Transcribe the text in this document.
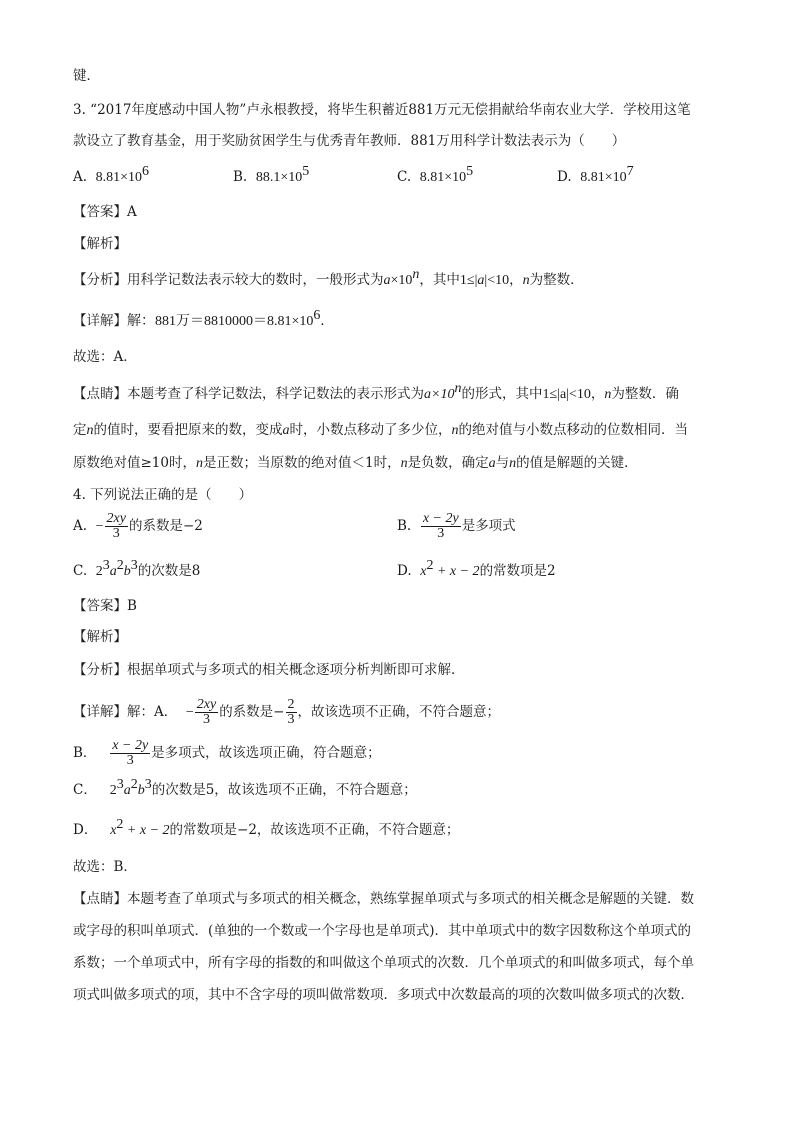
键．
3. “2017年度感动中国人物”卢永根教授，将毕生积蓄近881万元无偿捐献给华南农业大学．学校用这笔
款设立了教育基金，用于奖励贫困学生与优秀青年教师．881万用科学计数法表示为（　　）
A. $8.81\times 10^6$	B. $88.1\times 10^5$	C. $8.81\times 10^5$	D. $8.81\times 10^7$
【答案】A
【解析】
【分析】用科学记数法表示较大的数时，一般形式为$a\times 10^n$，其中1≤|a|<10，n为整数．
【详解】解：881万$=8810000=8.81\times 10^6$．
故选：A．
【点睛】本题考查了科学记数法，科学记数法的表示形式为$a\times 10^n$的形式，其中1≤|a|<10，n为整数．确
定n的值时，要看把原来的数，变成a时，小数点移动了多少位，n的绝对值与小数点移动的位数相同．当
原数绝对值≥10时，n是正数；当原数的绝对值＜1时，n是负数，确定a与n的值是解题的关键．
4. 下列说法正确的是（　　）
A. − $\frac{2xy}{3}$ 的系数是−2	B. $\frac{x - 2y}{3}$ 是多项式
C. $2^3a^2b^3$的次数是8	D. $x^2 + x - 2$的常数项是2
【答案】B
【解析】
【分析】根据单项式与多项式的相关概念逐项分析判断即可求解．
【详解】解：A． − $\frac{2xy}{3}$ 的系数是− $\frac{2}{3}$ ，故该选项不正确，不符合题意；
B． $\frac{x - 2y}{3}$ 是多项式，故该选项正确，符合题意；
C． $2^3a^2b^3$的次数是5，故该选项不正确，不符合题意；
D． $x^2 + x - 2$的常数项是−2，故该选项不正确，不符合题意；
故选：B．
【点睛】本题考查了单项式与多项式的相关概念，熟练掌握单项式与多项式的相关概念是解题的关键．数
或字母的积叫单项式．(单独的一个数或一个字母也是单项式)．其中单项式中的数字因数称这个单项式的
系数；一个单项式中，所有字母的指数的和叫做这个单项式的次数．几个单项式的和叫做多项式，每个单
项式叫做多项式的项，其中不含字母的项叫做常数项．多项式中次数最高的项的次数叫做多项式的次数．
